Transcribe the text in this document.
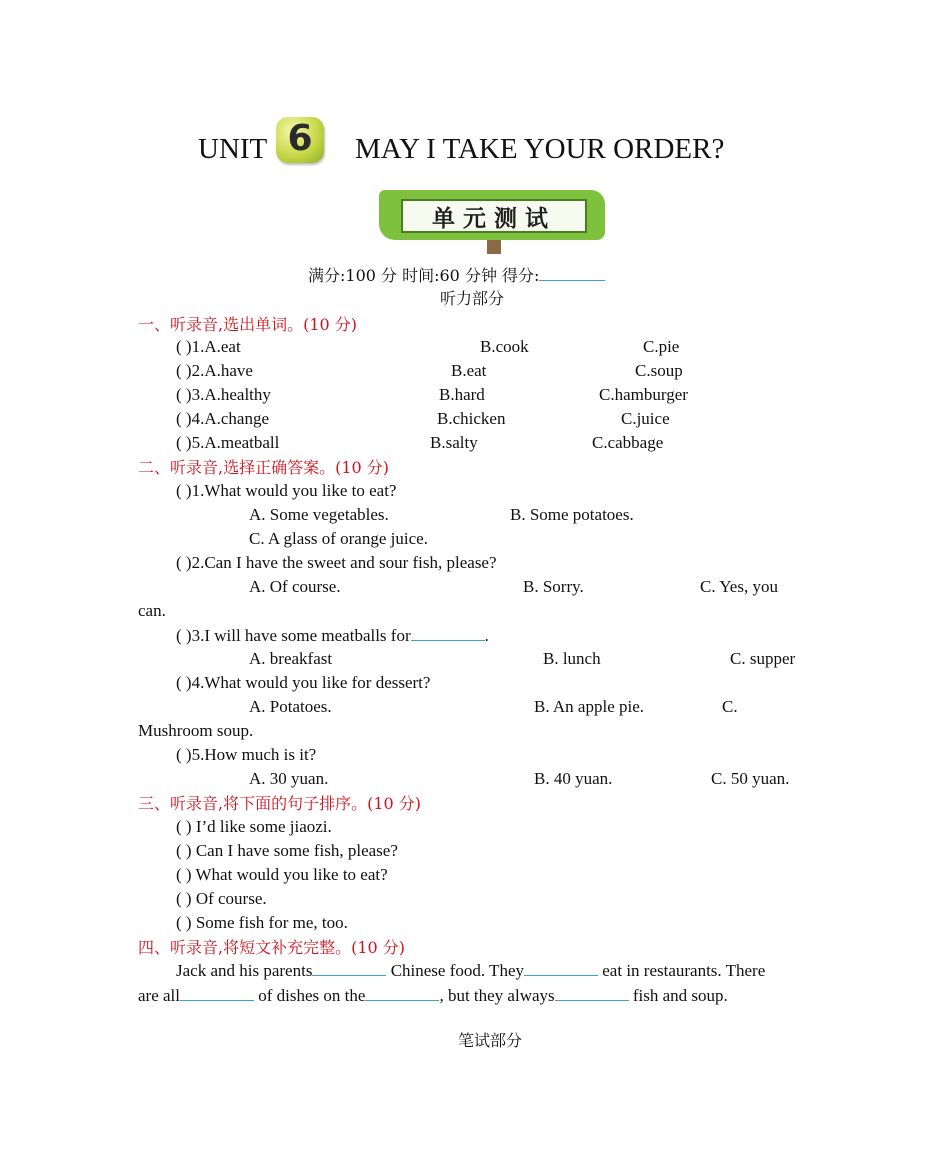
UNIT 6	MAY I TAKE YOUR ORDER?
单元测试
满分:100 分 时间:60 分钟 得分:
听力部分
一、听录音,选出单词。(10 分)
( )1.A.eat	B.cook	C.pie
( )2.A.have	B.eat	C.soup
( )3.A.healthy	B.hard	C.hamburger
( )4.A.change	B.chicken	C.juice
( )5.A.meatball	B.salty	C.cabbage
二、听录音,选择正确答案。(10 分)
( )1.What would you like to eat?
A. Some vegetables.	B. Some potatoes.
C. A glass of orange juice.
( )2.Can I have the sweet and sour fish, please?
A. Of course.	B. Sorry.	C. Yes, you
can.
( )3.I will have some meatballs for	.
A. breakfast	B. lunch	C. supper
( )4.What would you like for dessert?
A. Potatoes.	B. An apple pie.	C.
Mushroom soup.
( )5.How much is it?
A. 30 yuan.	B. 40 yuan.	C. 50 yuan.
三、听录音,将下面的句子排序。(10 分)
( ) I’d like some jiaozi.
( ) Can I have some fish, please?
( ) What would you like to eat?
( ) Of course.
( ) Some fish for me, too.
四、听录音,将短文补充完整。(10 分)
Jack and his parents	Chinese food. They	eat in restaurants. There
are all	of dishes on the	, but they always	fish and soup.
笔试部分
